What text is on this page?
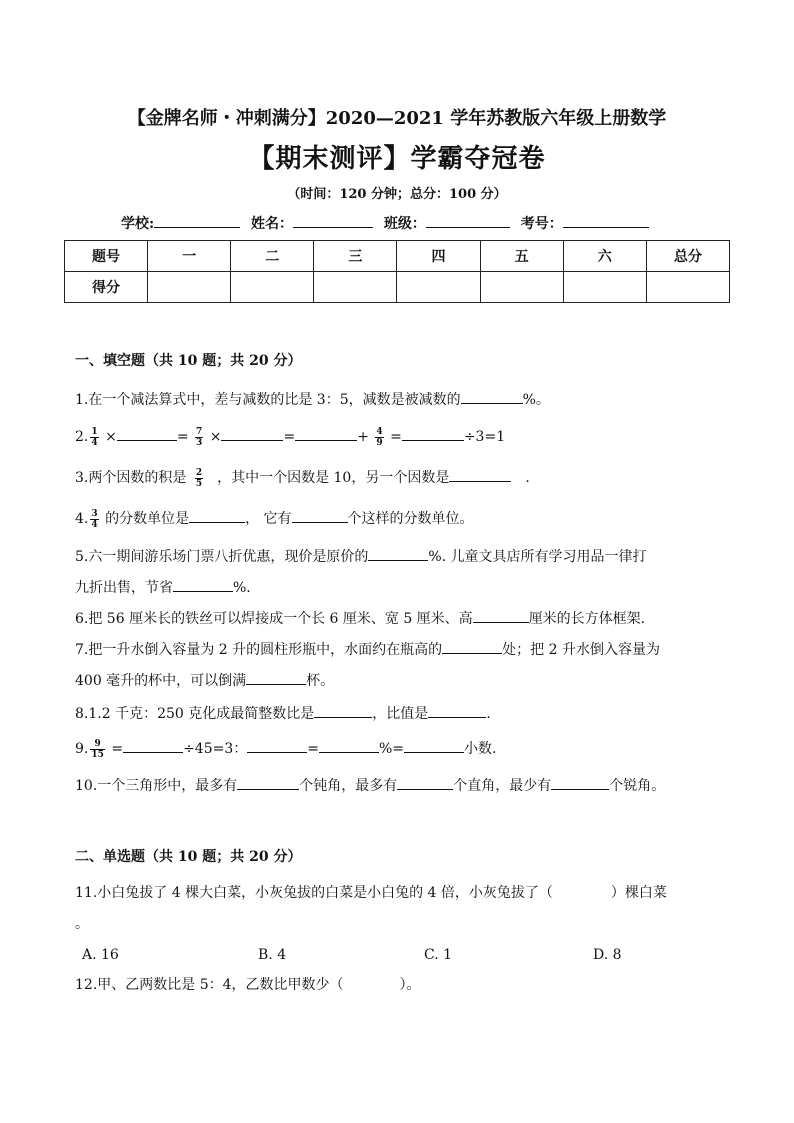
【金牌名师・冲刺满分】2020—2021 学年苏教版六年级上册数学
【期末测评】学霸夺冠卷
（时间：120 分钟；总分：100 分）
学校:	姓名：	班级：	考号：
题号	一	二	三	四	五	六	总分
得分							
一、填空题（共 10 题；共 20 分）
1.在一个减法算式中，差与减数的比是 3：5，减数是被减数的	%。
2. $\frac{1}{4}$ ×	= $\frac{7}{3}$ ×	=	+ $\frac{4}{9}$ =	÷3=1
3.两个因数的积是 $\frac{2}{5}$ ，其中一个因数是 10，另一个因数是	.
4. $\frac{3}{4}$ 的分数单位是	， 它有	个这样的分数单位。
5.六一期间游乐场门票八折优惠，现价是原价的	%. 儿童文具店所有学习用品一律打
九折出售，节省	%.
6.把 56 厘米长的铁丝可以焊接成一个长 6 厘米、宽 5 厘米、高	厘米的长方体框架.
7.把一升水倒入容量为 2 升的圆柱形瓶中，水面约在瓶高的	处；把 2 升水倒入容量为
400 毫升的杯中，可以倒满	杯。
8.1.2 千克：250 克化成最简整数比是	，比值是	.
9. $\frac{9}{15}$ =	÷45=3：	=	%=	小数.
10.一个三角形中，最多有	个钝角，最多有	个直角，最少有	个锐角。
二、单选题（共 10 题；共 20 分）
11.小白兔拔了 4 棵大白菜，小灰兔拔的白菜是小白兔的 4 倍，小灰兔拔了（	）棵白菜
。
A. 16	B. 4	C. 1	D. 8
12.甲、乙两数比是 5：4，乙数比甲数少（	）。
